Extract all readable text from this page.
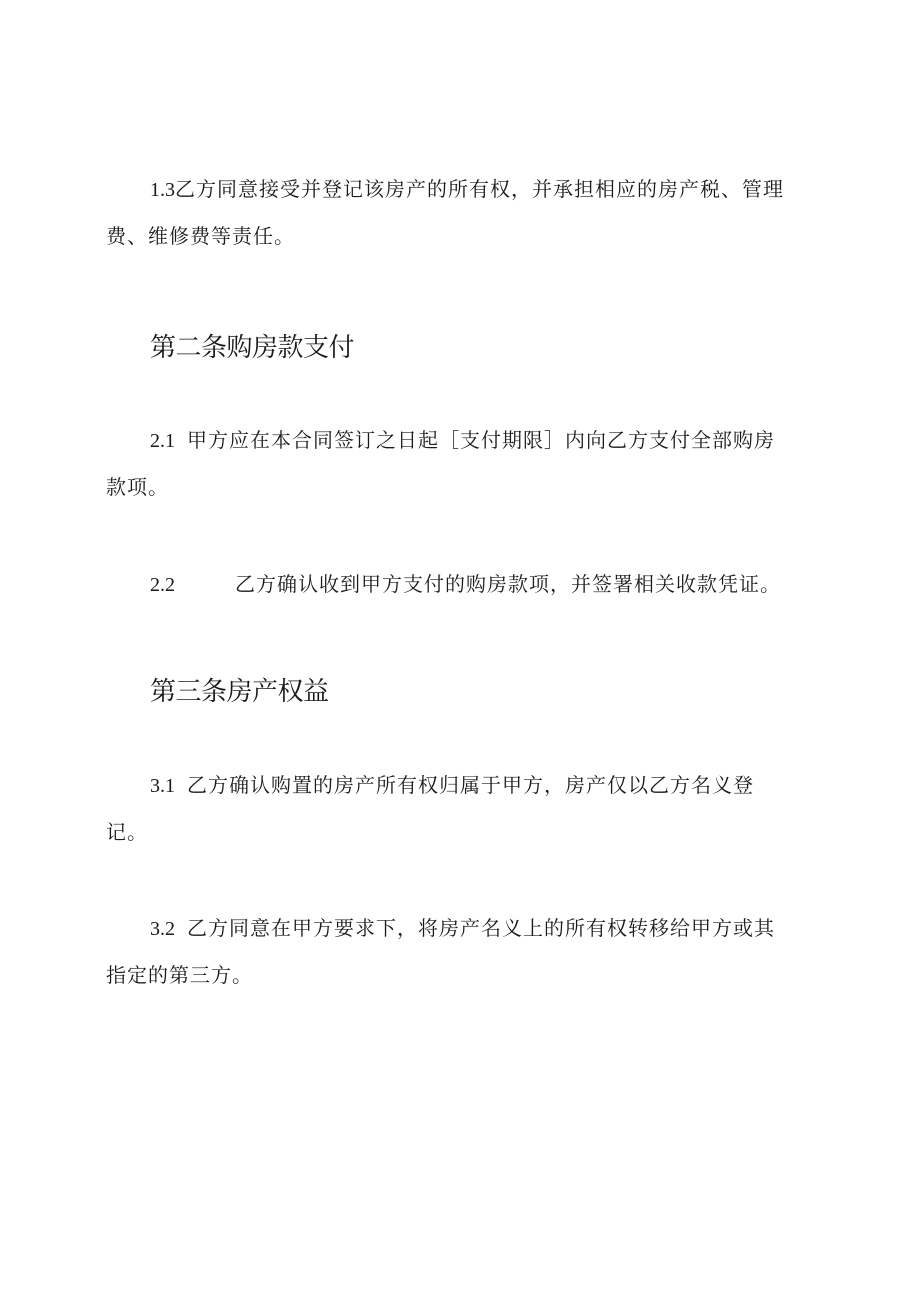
1.3乙方同意接受并登记该房产的所有权，并承担相应的房产税、管理
费、维修费等责任。

第二条购房款支付

2.1 甲方应在本合同签订之日起［支付期限］内向乙方支付全部购房
款项。

2.2	乙方确认收到甲方支付的购房款项，并签署相关收款凭证。

第三条房产权益

3.1 乙方确认购置的房产所有权归属于甲方，房产仅以乙方名义登
记。

3.2 乙方同意在甲方要求下，将房产名义上的所有权转移给甲方或其
指定的第三方。
